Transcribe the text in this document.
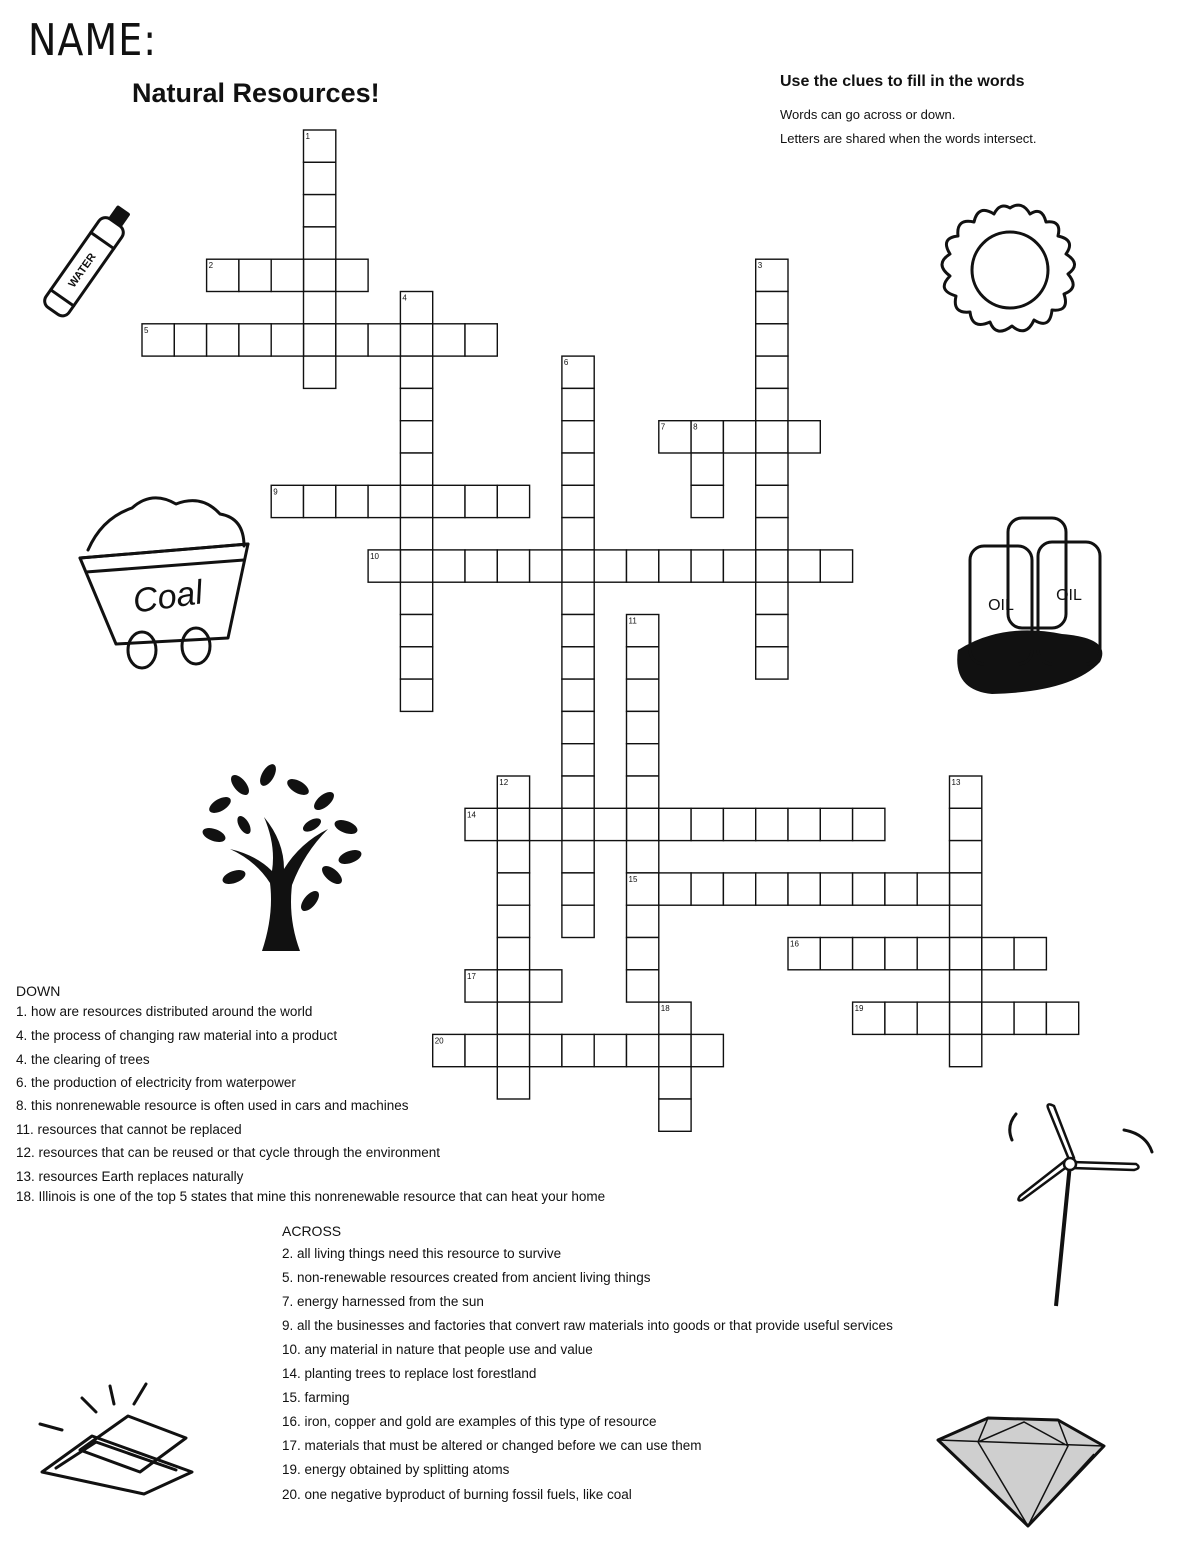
NAME:
Natural Resources!	Use the clues to fill in the words
Words can go across or down.
Letters are shared when the words intersect.
1
2	3
4
5
6
7	8
9
10
11
12	13
14
15
16
17
18	19
20
WATER
Coal	OIL
OIL
DOWN
1. how are resources distributed around the world
4. the process of changing raw material into a product
4. the clearing of trees
6. the production of electricity from waterpower
8. this nonrenewable resource is often used in cars and machines
11. resources that cannot be replaced
12. resources that can be reused or that cycle through the environment
13. resources Earth replaces naturally
18. Illinois is one of the top 5 states that mine this nonrenewable resource that can heat your home
ACROSS
2. all living things need this resource to survive
5. non-renewable resources created from ancient living things
7. energy harnessed from the sun
9. all the businesses and factories that convert raw materials into goods or that provide useful services
10. any material in nature that people use and value
14. planting trees to replace lost forestland
15. farming
16. iron, copper and gold are examples of this type of resource
17. materials that must be altered or changed before we can use them
19. energy obtained by splitting atoms
20. one negative byproduct of burning fossil fuels, like coal
